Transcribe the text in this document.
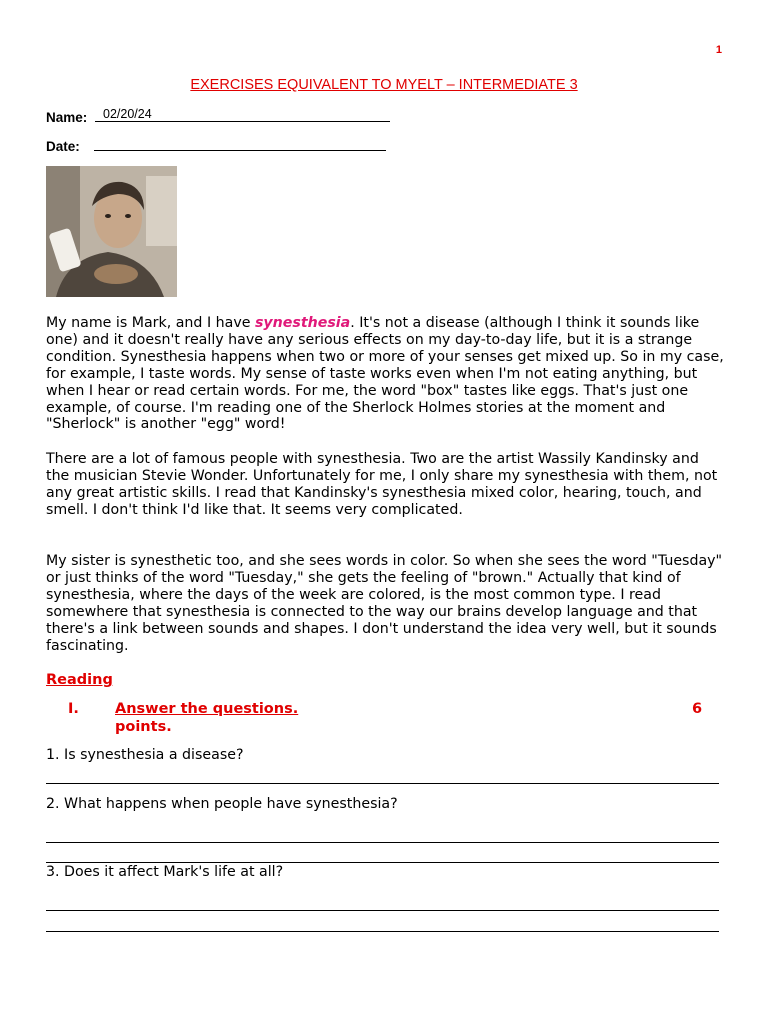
1
EXERCISES EQUIVALENT TO MYELT – INTERMEDIATE 3
Name: 02/20/24
Date:

My name is Mark, and I have synesthesia. It's not a disease (although I think it sounds like one) and it doesn't really have any serious effects on my day-to-day life, but it is a strange condition. Synesthesia happens when two or more of your senses get mixed up. So in my case, for example, I taste words. My sense of taste works even when I'm not eating anything, but when I hear or read certain words. For me, the word "box" tastes like eggs. That's just one example, of course. I'm reading one of the Sherlock Holmes stories at the moment and "Sherlock" is another "egg" word!

There are a lot of famous people with synesthesia. Two are the artist Wassily Kandinsky and the musician Stevie Wonder. Unfortunately for me, I only share my synesthesia with them, not any great artistic skills. I read that Kandinsky's synesthesia mixed color, hearing, touch, and smell. I don't think I'd like that. It seems very complicated.

My sister is synesthetic too, and she sees words in color. So when she sees the word "Tuesday" or just thinks of the word "Tuesday," she gets the feeling of "brown." Actually that kind of synesthesia, where the days of the week are colored, is the most common type. I read somewhere that synesthesia is connected to the way our brains develop language and that there's a link between sounds and shapes. I don't understand the idea very well, but it sounds fascinating.

Reading
I. Answer the questions.	6
points.
1. Is synesthesia a disease?
2. What happens when people have synesthesia?
3. Does it affect Mark's life at all?
